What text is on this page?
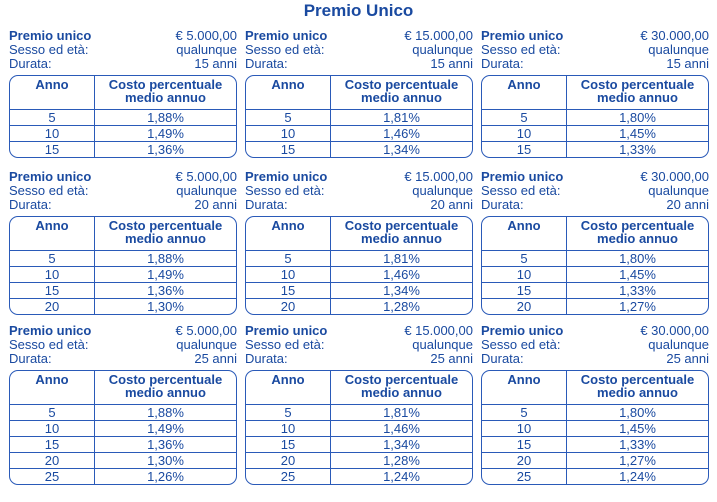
Premio Unico
Premio unico	€ 5.000,00
Sesso ed età:	qualunque
Durata:	15 anni
Anno	Costo percentuale
medio annuo
5	1,88%
10	1,49%
15	1,36%
Premio unico	€ 15.000,00
Sesso ed età:	qualunque
Durata:	15 anni
Anno	Costo percentuale
medio annuo
5	1,81%
10	1,46%
15	1,34%
Premio unico	€ 30.000,00
Sesso ed età:	qualunque
Durata:	15 anni
Anno	Costo percentuale
medio annuo
5	1,80%
10	1,45%
15	1,33%
Premio unico	€ 5.000,00
Sesso ed età:	qualunque
Durata:	20 anni
Anno	Costo percentuale
medio annuo
5	1,88%
10	1,49%
15	1,36%
20	1,30%
Premio unico	€ 15.000,00
Sesso ed età:	qualunque
Durata:	20 anni
Anno	Costo percentuale
medio annuo
5	1,81%
10	1,46%
15	1,34%
20	1,28%
Premio unico	€ 30.000,00
Sesso ed età:	qualunque
Durata:	20 anni
Anno	Costo percentuale
medio annuo
5	1,80%
10	1,45%
15	1,33%
20	1,27%
Premio unico	€ 5.000,00
Sesso ed età:	qualunque
Durata:	25 anni
Anno	Costo percentuale
medio annuo
5	1,88%
10	1,49%
15	1,36%
20	1,30%
25	1,26%
Premio unico	€ 15.000,00
Sesso ed età:	qualunque
Durata:	25 anni
Anno	Costo percentuale
medio annuo
5	1,81%
10	1,46%
15	1,34%
20	1,28%
25	1,24%
Premio unico	€ 30.000,00
Sesso ed età:	qualunque
Durata:	25 anni
Anno	Costo percentuale
medio annuo
5	1,80%
10	1,45%
15	1,33%
20	1,27%
25	1,24%
